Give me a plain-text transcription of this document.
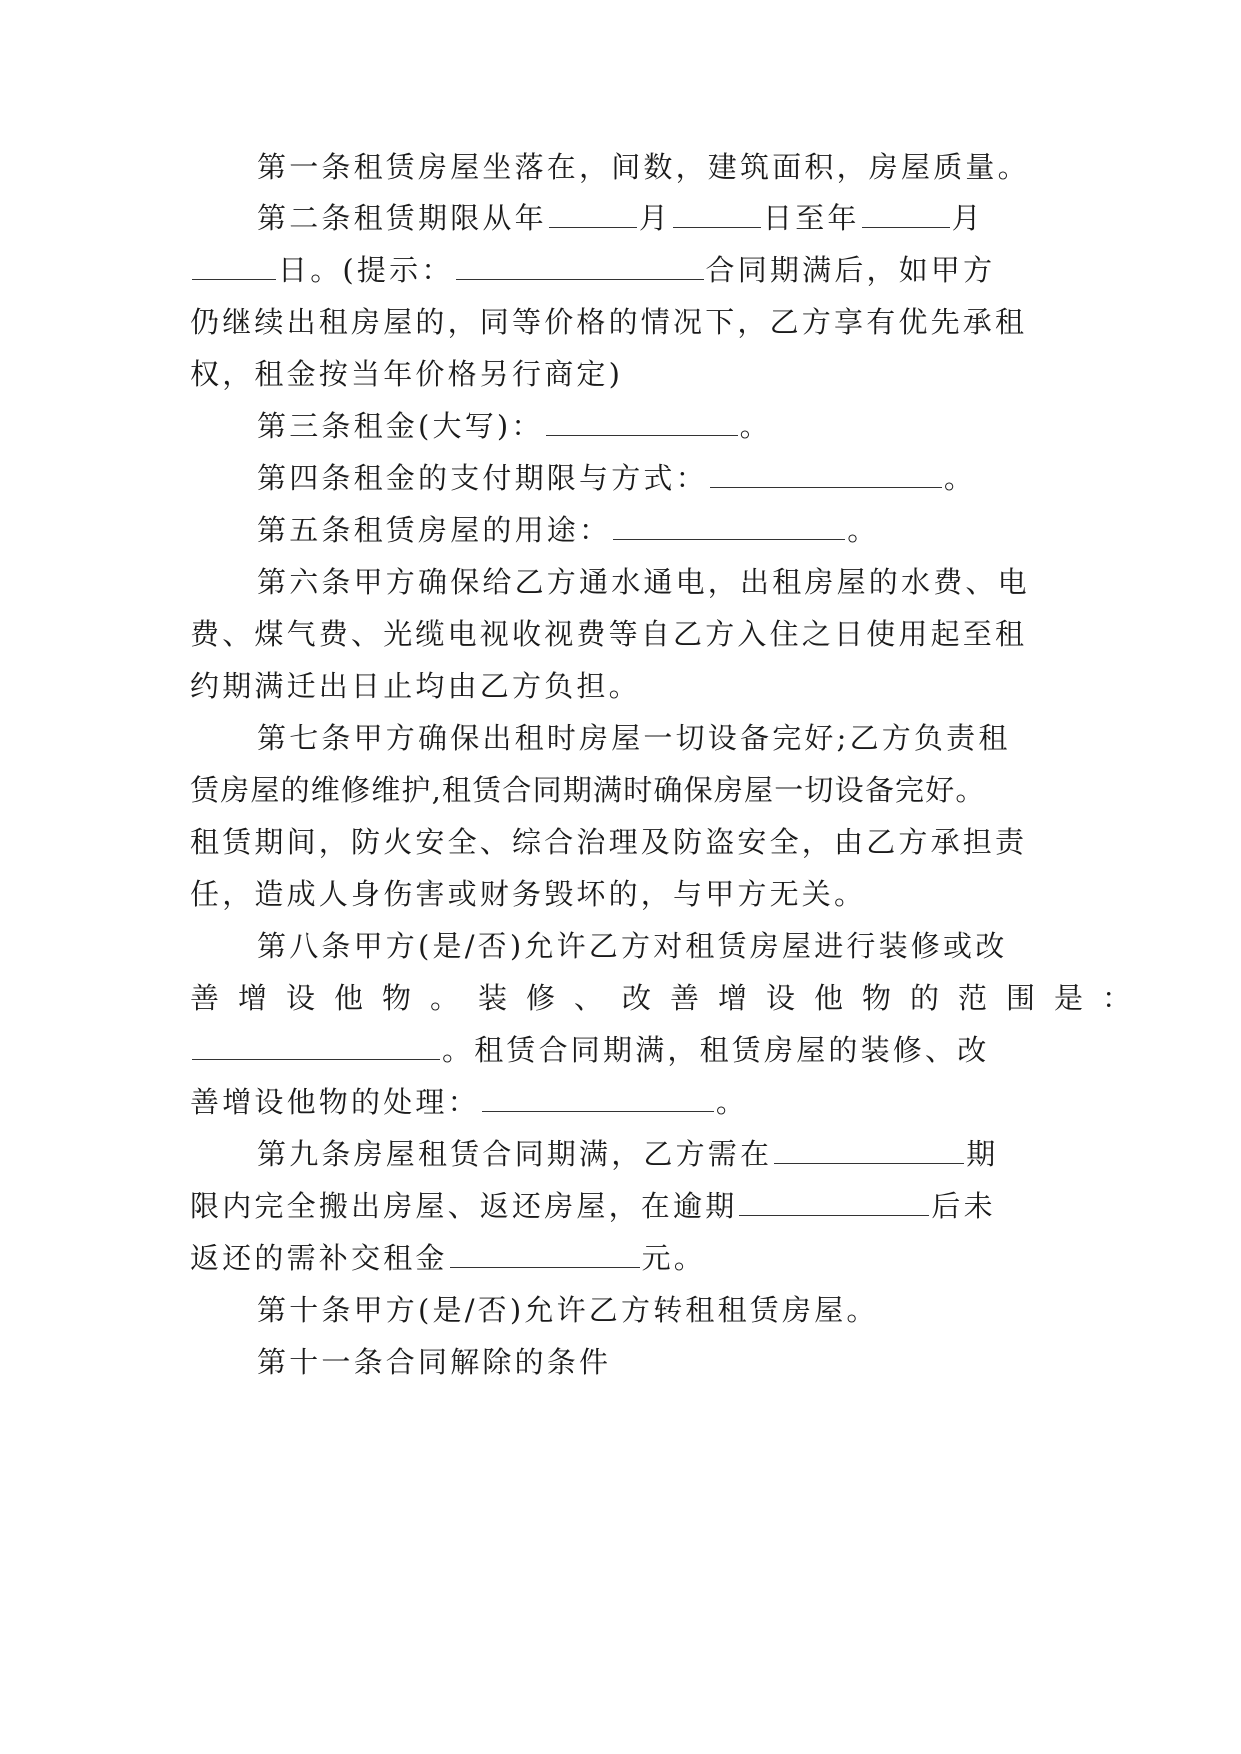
第一条租赁房屋坐落在，间数，建筑面积，房屋质量。
第二条租赁期限从年	月	日至年	月
日。(提示：	合同期满后，如甲方
仍继续出租房屋的，同等价格的情况下，乙方享有优先承租
权，租金按当年价格另行商定)
第三条租金(大写)：	。
第四条租金的支付期限与方式：	。
第五条租赁房屋的用途：	。
第六条甲方确保给乙方通水通电，出租房屋的水费、电
费、煤气费、光缆电视收视费等自乙方入住之日使用起至租
约期满迁出日止均由乙方负担。
第七条甲方确保出租时房屋一切设备完好;乙方负责租
赁房屋的维修维护,租赁合同期满时确保房屋一切设备完好。
租赁期间，防火安全、综合治理及防盗安全，由乙方承担责
任，造成人身伤害或财务毁坏的，与甲方无关。
第八条甲方(是/否)允许乙方对租赁房屋进行装修或改
善增设他物。装修、改善增设他物的范围是：
。租赁合同期满，租赁房屋的装修、改
善增设他物的处理：	。
第九条房屋租赁合同期满，乙方需在	期
限内完全搬出房屋、返还房屋，在逾期	后未
返还的需补交租金	元。
第十条甲方(是/否)允许乙方转租租赁房屋。
第十一条合同解除的条件
